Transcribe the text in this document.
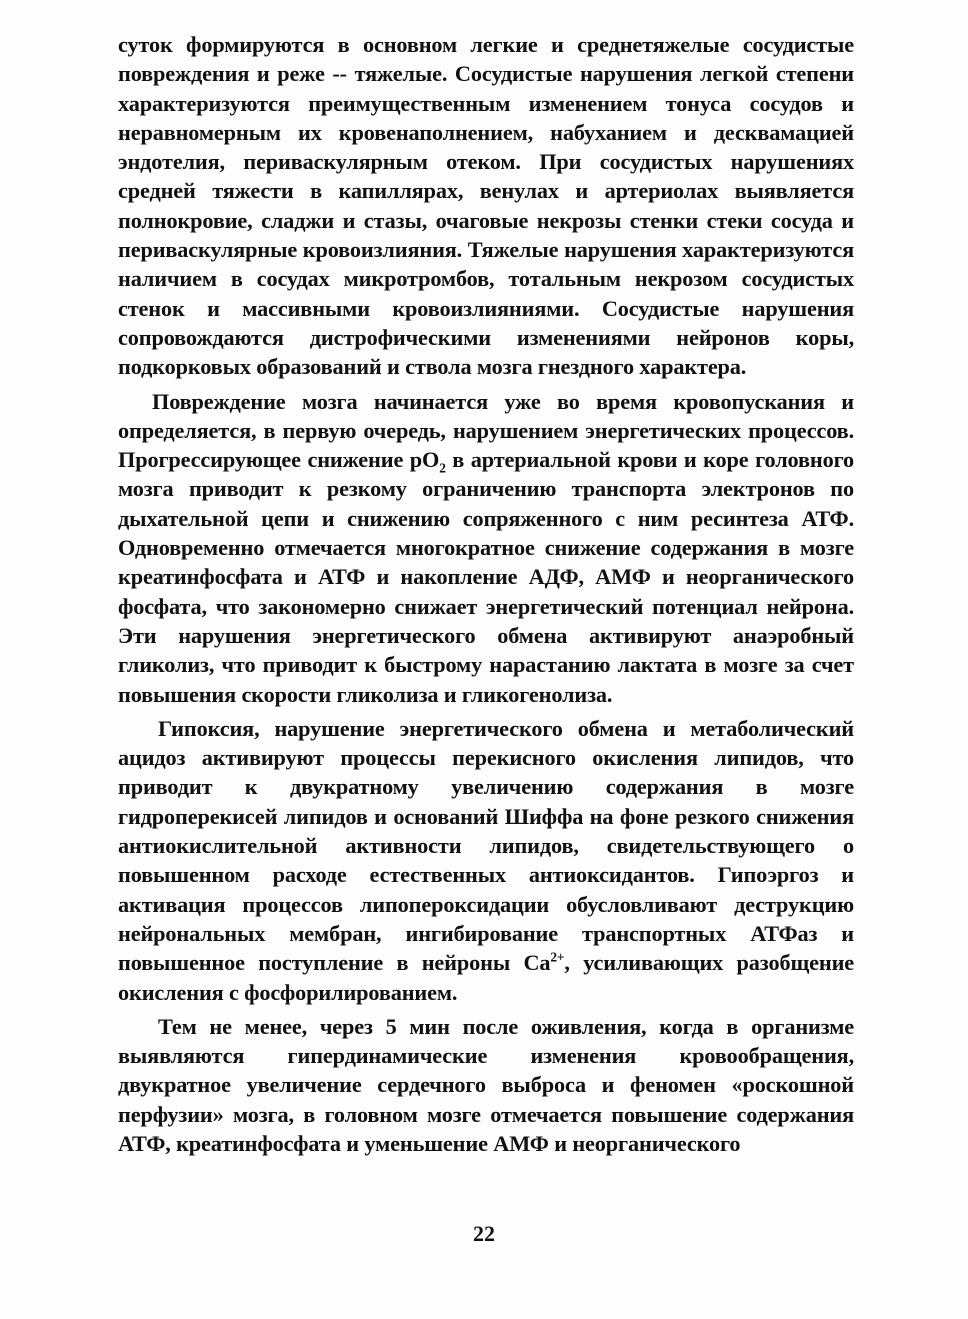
суток формируются в основном легкие и среднетяжелые сосудистые повреждения и реже -- тяжелые. Сосудистые нарушения легкой степени характеризуются преимущественным изменением тонуса сосудов и неравномерным их кровенаполнением, набуханием и десквамацией эндотелия, периваскулярным отеком. При сосудистых нарушениях средней тяжести в капиллярах, венулах и артериолах выявляется полнокровие, сладжи и стазы, очаговые некрозы стенки стеки сосуда и периваскулярные кровоизлияния. Тяжелые нарушения характеризуются наличием в сосудах микротромбов, тотальным некрозом сосудистых стенок и массивными кровоизлияниями. Сосудистые нарушения сопровождаются дистрофическими изменениями нейронов коры, подкорковых образований и ствола мозга гнездного характера.

Повреждение мозга начинается уже во время кровопускания и определяется, в первую очередь, нарушением энергетических процессов. Прогрессирующее снижение $рО_2$ в артериальной крови и коре головного мозга приводит к резкому ограничению транспорта электронов по дыхательной цепи и снижению сопряженного с ним ресинтеза АТФ. Одновременно отмечается многократное снижение содержания в мозге креатинфосфата и АТФ и накопление АДФ, АМФ и неорганического фосфата, что закономерно снижает энергетический потенциал нейрона. Эти нарушения энергетического обмена активируют анаэробный гликолиз, что приводит к быстрому нарастанию лактата в мозге за счет повышения скорости гликолиза и гликогенолиза.

Гипоксия, нарушение энергетического обмена и метаболический ацидоз активируют процессы перекисного окисления липидов, что приводит к двукратному увеличению содержания в мозге гидроперекисей липидов и оснований Шиффа на фоне резкого снижения антиокислительной активности липидов, свидетельствующего о повышенном расходе естественных антиоксидантов. Гипоэргоз и активация процессов липопероксидации обусловливают деструкцию нейрональных мембран, ингибирование транспортных АТФаз и повышенное поступление в нейроны $Са^{2+}$, усиливающих разобщение окисления с фосфорилированием.

Тем не менее, через 5 мин после оживления, когда в организме выявляются гипердинамические изменения кровообращения, двукратное увеличение сердечного выброса и феномен «роскошной перфузии» мозга, в головном мозге отмечается повышение содержания АТФ, креатинфосфата и уменьшение АМФ и неорганического

22
